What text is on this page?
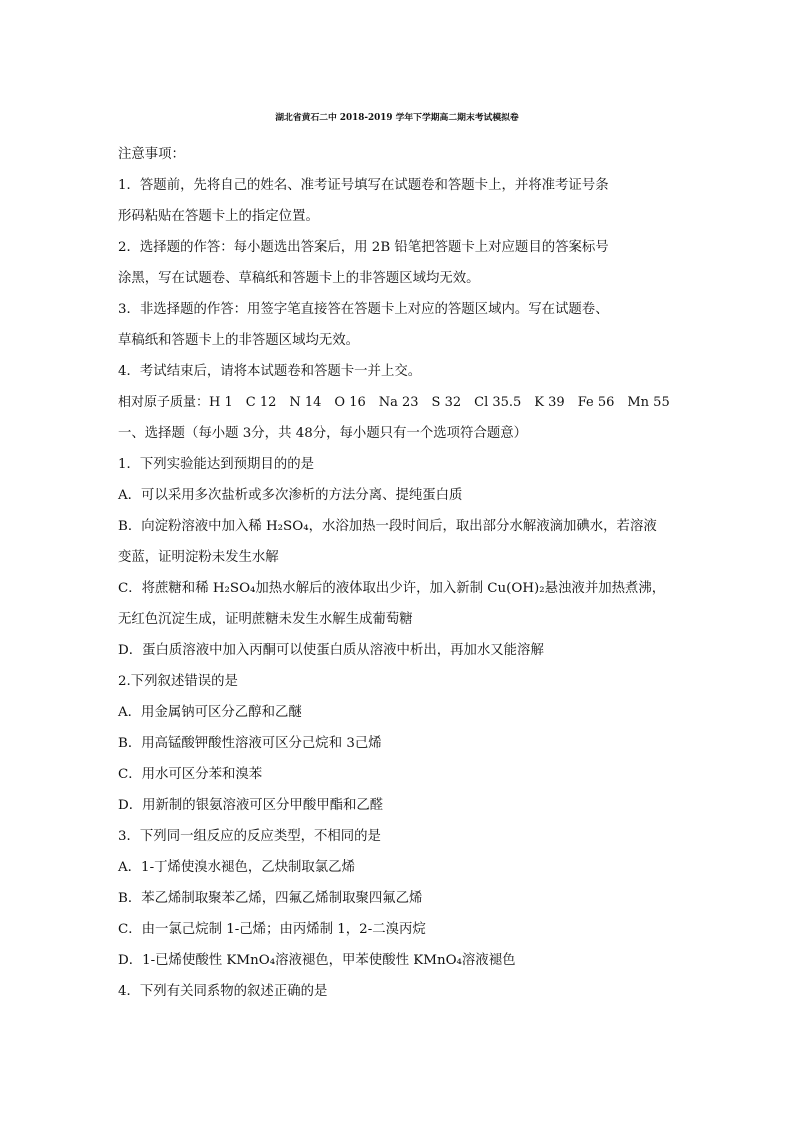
湖北省黄石二中 2018-2019 学年下学期高二期末考试模拟卷
注意事项：
1．答题前，先将自己的姓名、准考证号填写在试题卷和答题卡上，并将准考证号条
形码粘贴在答题卡上的指定位置。
2．选择题的作答：每小题选出答案后，用 2B 铅笔把答题卡上对应题目的答案标号
涂黑，写在试题卷、草稿纸和答题卡上的非答题区域均无效。
3．非选择题的作答：用签字笔直接答在答题卡上对应的答题区域内。写在试题卷、
草稿纸和答题卡上的非答题区域均无效。
4．考试结束后，请将本试题卷和答题卡一并上交。
相对原子质量：H 1　C 12　N 14　O 16　Na 23　S 32　Cl 35.5　K 39　Fe 56　Mn 55
一、选择题（每小题 3分，共 48分，每小题只有一个选项符合题意）
1．下列实验能达到预期目的的是
A．可以采用多次盐析或多次渗析的方法分离、提纯蛋白质
B．向淀粉溶液中加入稀 H₂SO₄，水浴加热一段时间后，取出部分水解液滴加碘水，若溶液
变蓝，证明淀粉未发生水解
C．将蔗糖和稀 H₂SO₄加热水解后的液体取出少许，加入新制 Cu(OH)₂悬浊液并加热煮沸，
无红色沉淀生成，证明蔗糖未发生水解生成葡萄糖
D．蛋白质溶液中加入丙酮可以使蛋白质从溶液中析出，再加水又能溶解
2.下列叙述错误的是
A．用金属钠可区分乙醇和乙醚
B．用高锰酸钾酸性溶液可区分己烷和 3己烯
C．用水可区分苯和溴苯
D．用新制的银氨溶液可区分甲酸甲酯和乙醛
3．下列同一组反应的反应类型，不相同的是
A．1-丁烯使溴水褪色，乙炔制取氯乙烯
B．苯乙烯制取聚苯乙烯，四氟乙烯制取聚四氟乙烯
C．由一氯己烷制 1-己烯；由丙烯制 1，2-二溴丙烷
D．1-已烯使酸性 KMnO₄溶液褪色，甲苯使酸性 KMnO₄溶液褪色
4．下列有关同系物的叙述正确的是
